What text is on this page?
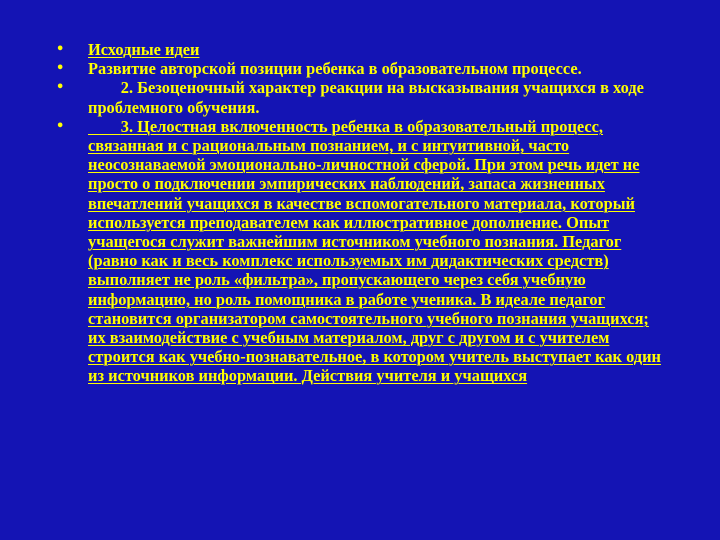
• Исходные идеи
• Развитие авторской позиции ребенка в образовательном процессе.
•	2. Безоценочный характер реакции на высказывания учащихся в ходе проблемного обучения.
•	3. Целостная включенность ребенка в образовательный процесс, связанная и с рациональным познанием, и с интуитивной, часто неосознаваемой эмоционально-личностной сферой. При этом речь идет не просто о подключении эмпирических наблюдений, запаса жизненных впечатлений учащихся в качестве вспомогательного материала, который используется преподавателем как иллюстративное дополнение. Опыт учащегося служит важнейшим источником учебного познания. Педагог (равно как и весь комплекс используемых им дидактических средств) выполняет не роль «фильтра», пропускающего через себя учебную информацию, но роль помощника в работе ученика. В идеале педагог становится организатором самостоятельного учебного познания учащихся; их взаимодействие с учебным материалом, друг с другом и с учителем строится как учебно-познавательное, в котором учитель выступает как один из источников информации. Действия учителя и учащихся
